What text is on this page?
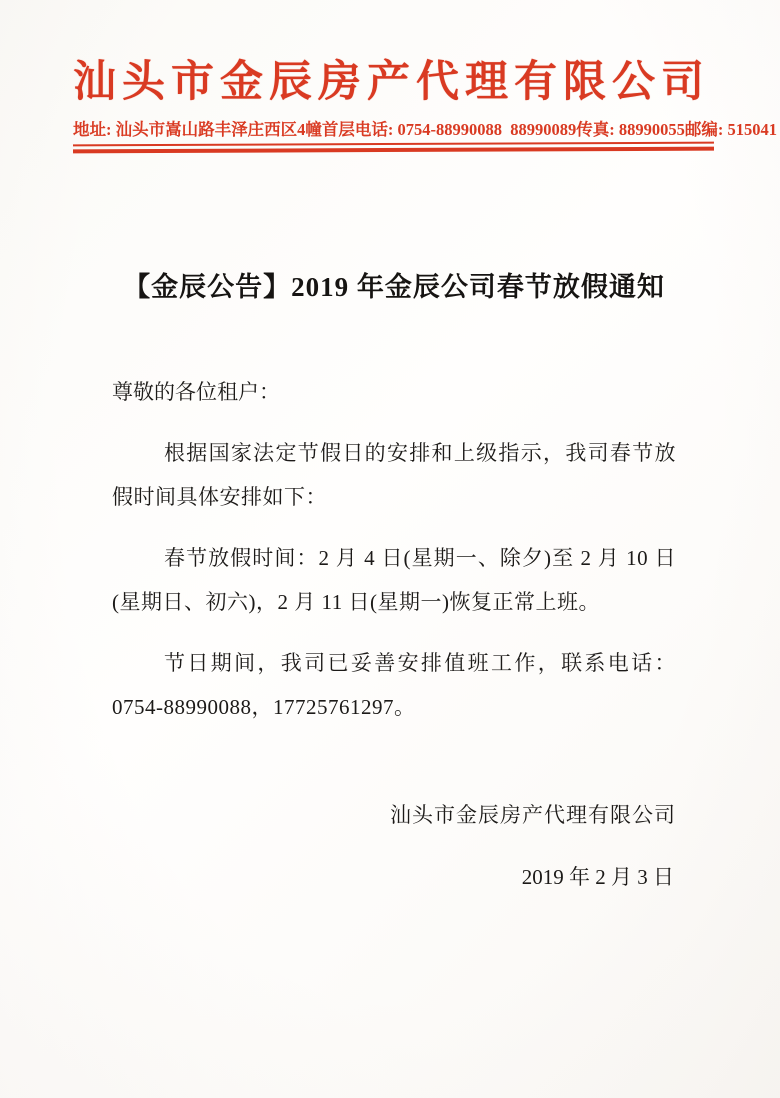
汕头市金辰房产代理有限公司
地址: 汕头市嵩山路丰泽庄西区4幢首层 电话: 0754-88990088  88990089 传真: 88990055 邮编: 515041
【金辰公告】2019 年金辰公司春节放假通知
尊敬的各位租户：

根据国家法定节假日的安排和上级指示，我司春节放假时间具体安排如下：

春节放假时间：2 月 4 日(星期一、除夕)至 2 月 10 日(星期日、初六)，2 月 11 日(星期一)恢复正常上班。

节日期间，我司已妥善安排值班工作，联系电话：0754-88990088，17725761297。

汕头市金辰房产代理有限公司
2019 年 2 月 3 日
